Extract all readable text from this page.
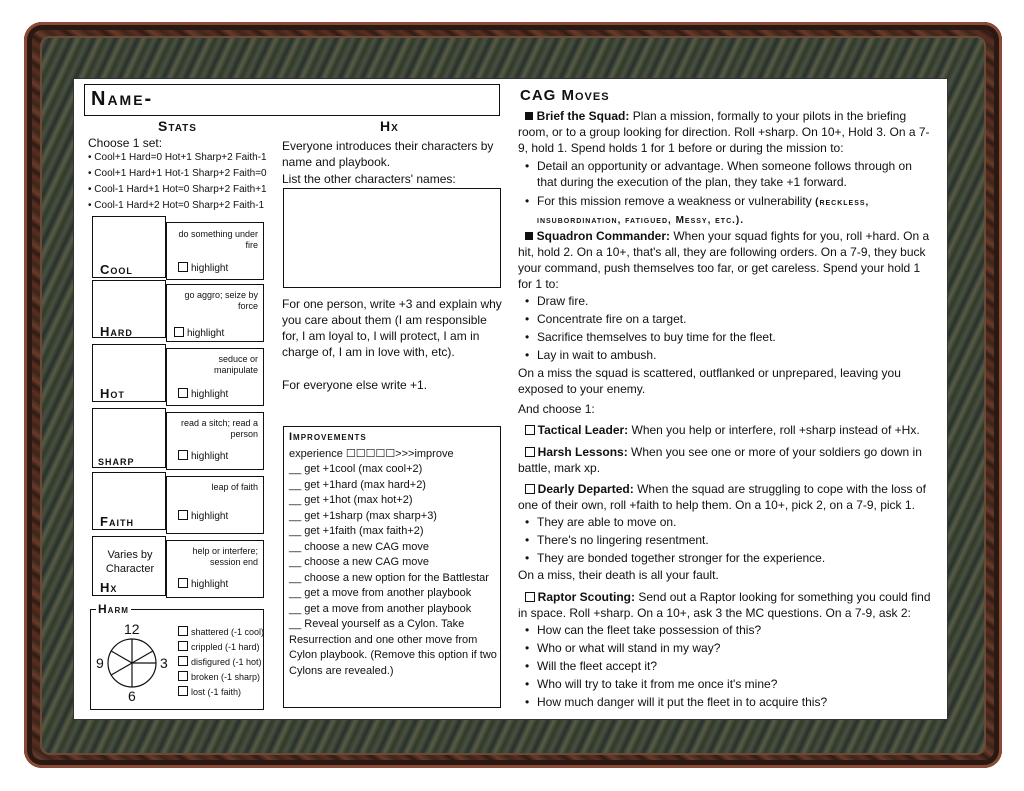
Name-
Stats
Choose 1 set:
• Cool+1 Hard=0 Hot+1 Sharp+2 Faith-1
• Cool+1 Hard+1 Hot-1 Sharp+2 Faith=0
• Cool-1 Hard+1 Hot=0 Sharp+2 Faith+1
• Cool-1 Hard+2 Hot=0 Sharp+2 Faith-1
Cool
do something under fire
highlight
Hard
go aggro; seize by force
highlight
Hot
seduce or manipulate
highlight
sharp
read a sitch; read a person
highlight
Faith
leap of faith
highlight
Varies by Character
Hx
help or interfere; session end
highlight
Harm
12
3
6
9
shattered (-1 cool)
crippled (-1 hard)
disfigured (-1 hot)
broken (-1 sharp)
lost (-1 faith)
Hx
Everyone introduces their characters by name and playbook.
List the other characters' names:
For one person, write +3 and explain why you care about them (I am responsible for, I am loyal to, I will protect, I am in charge of, I am in love with, etc).
For everyone else write +1.
Improvements
experience ☐☐☐☐☐>>>improve
__ get +1cool (max cool+2)
__ get +1hard (max hard+2)
__ get +1hot (max hot+2)
__ get +1sharp (max sharp+3)
__ get +1faith (max faith+2)
__ choose a new CAG move
__ choose a new CAG move
__ choose a new option for the Battlestar
__ get a move from another playbook
__ get a move from another playbook
__ Reveal yourself as a Cylon. Take Resurrection and one other move from Cylon playbook. (Remove this option if two Cylons are revealed.)
CAG Moves
Brief the Squad: Plan a mission, formally to your pilots in the briefing room, or to a group looking for direction. Roll +sharp. On 10+, Hold 3. On a 7-9, hold 1. Spend holds 1 for 1 before or during the mission to:
• Detail an opportunity or advantage. When someone follows through on that during the execution of the plan, they take +1 forward.
• For this mission remove a weakness or vulnerability (reckless, insubordination, fatigued, Messy, etc.).
Squadron Commander: When your squad fights for you, roll +hard. On a hit, hold 2. On a 10+, that's all, they are following orders. On a 7-9, they buck your command, push themselves too far, or get careless. Spend your hold 1 for 1 to:
• Draw fire.
• Concentrate fire on a target.
• Sacrifice themselves to buy time for the fleet.
• Lay in wait to ambush.
On a miss the squad is scattered, outflanked or unprepared, leaving you exposed to your enemy.
And choose 1:
Tactical Leader: When you help or interfere, roll +sharp instead of +Hx.
Harsh Lessons: When you see one or more of your soldiers go down in battle, mark xp.
Dearly Departed: When the squad are struggling to cope with the loss of one of their own, roll +faith to help them. On a 10+, pick 2, on a 7-9, pick 1.
• They are able to move on.
• There's no lingering resentment.
• They are bonded together stronger for the experience.
On a miss, their death is all your fault.
Raptor Scouting: Send out a Raptor looking for something you could find in space. Roll +sharp. On a 10+, ask 3 the MC questions. On a 7-9, ask 2:
• How can the fleet take possession of this?
• Who or what will stand in my way?
• Will the fleet accept it?
• Who will try to take it from me once it's mine?
• How much danger will it put the fleet in to acquire this?
